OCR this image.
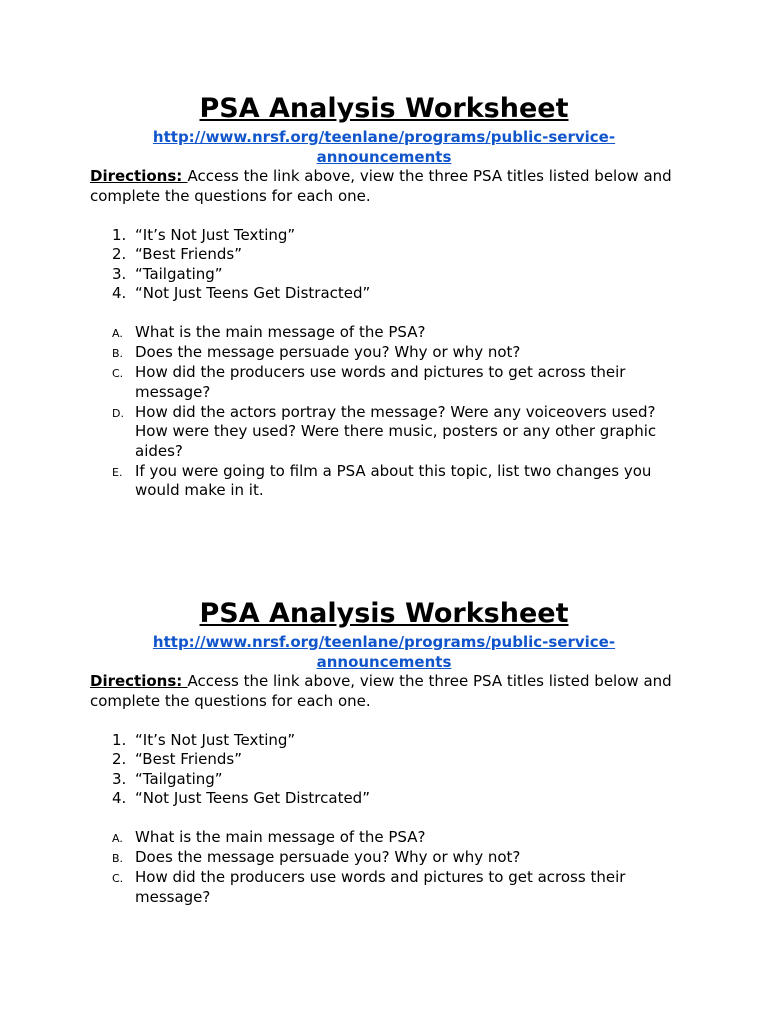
PSA Analysis Worksheet
http://www.nrsf.org/teenlane/programs/public-service-announcements

Directions: Access the link above, view the three PSA titles listed below and complete the questions for each one.

1. “It’s Not Just Texting”
2. “Best Friends”
3. “Tailgating”
4. “Not Just Teens Get Distracted”
A. What is the main message of the PSA?
B. Does the message persuade you? Why or why not?
C. How did the producers use words and pictures to get across their message?
D. How did the actors portray the message? Were any voiceovers used? How were they used? Were there music, posters or any other graphic aides?
E. If you were going to film a PSA about this topic, list two changes you would make in it.
PSA Analysis Worksheet
http://www.nrsf.org/teenlane/programs/public-service-announcements

Directions: Access the link above, view the three PSA titles listed below and complete the questions for each one.

1. “It’s Not Just Texting”
2. “Best Friends”
3. “Tailgating”
4. “Not Just Teens Get Distrcated”
A. What is the main message of the PSA?
B. Does the message persuade you? Why or why not?
C. How did the producers use words and pictures to get across their message?
